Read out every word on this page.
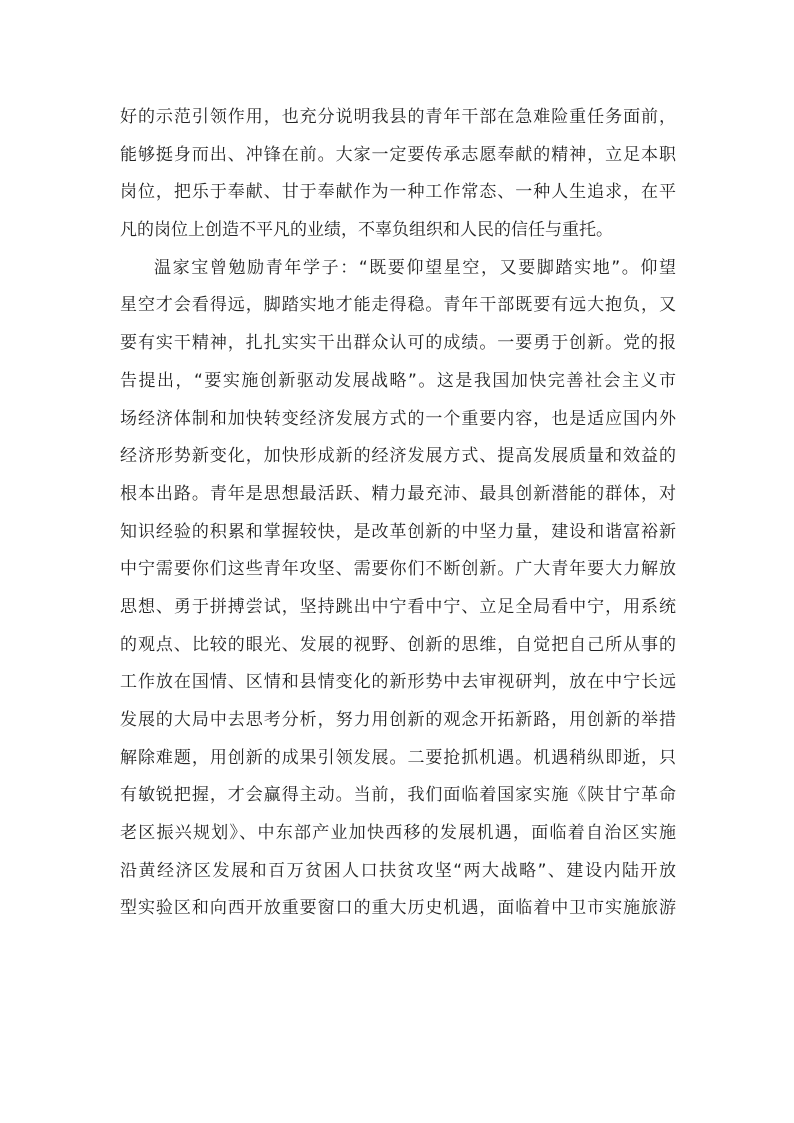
好的示范引领作用，也充分说明我县的青年干部在急难险重任务面前，
能够挺身而出、冲锋在前。大家一定要传承志愿奉献的精神，立足本职
岗位，把乐于奉献、甘于奉献作为一种工作常态、一种人生追求，在平
凡的岗位上创造不平凡的业绩，不辜负组织和人民的信任与重托。
温家宝曾勉励青年学子：“既要仰望星空，又要脚踏实地”。仰望
星空才会看得远，脚踏实地才能走得稳。青年干部既要有远大抱负，又
要有实干精神，扎扎实实干出群众认可的成绩。一要勇于创新。党的报
告提出，“要实施创新驱动发展战略”。这是我国加快完善社会主义市
场经济体制和加快转变经济发展方式的一个重要内容，也是适应国内外
经济形势新变化，加快形成新的经济发展方式、提高发展质量和效益的
根本出路。青年是思想最活跃、精力最充沛、最具创新潜能的群体，对
知识经验的积累和掌握较快，是改革创新的中坚力量，建设和谐富裕新
中宁需要你们这些青年攻坚、需要你们不断创新。广大青年要大力解放
思想、勇于拼搏尝试，坚持跳出中宁看中宁、立足全局看中宁，用系统
的观点、比较的眼光、发展的视野、创新的思维，自觉把自己所从事的
工作放在国情、区情和县情变化的新形势中去审视研判，放在中宁长远
发展的大局中去思考分析，努力用创新的观念开拓新路，用创新的举措
解除难题，用创新的成果引领发展。二要抢抓机遇。机遇稍纵即逝，只
有敏锐把握，才会赢得主动。当前，我们面临着国家实施《陕甘宁革命
老区振兴规划》、中东部产业加快西移的发展机遇，面临着自治区实施
沿黄经济区发展和百万贫困人口扶贫攻坚“两大战略”、建设内陆开放
型实验区和向西开放重要窗口的重大历史机遇，面临着中卫市实施旅游
